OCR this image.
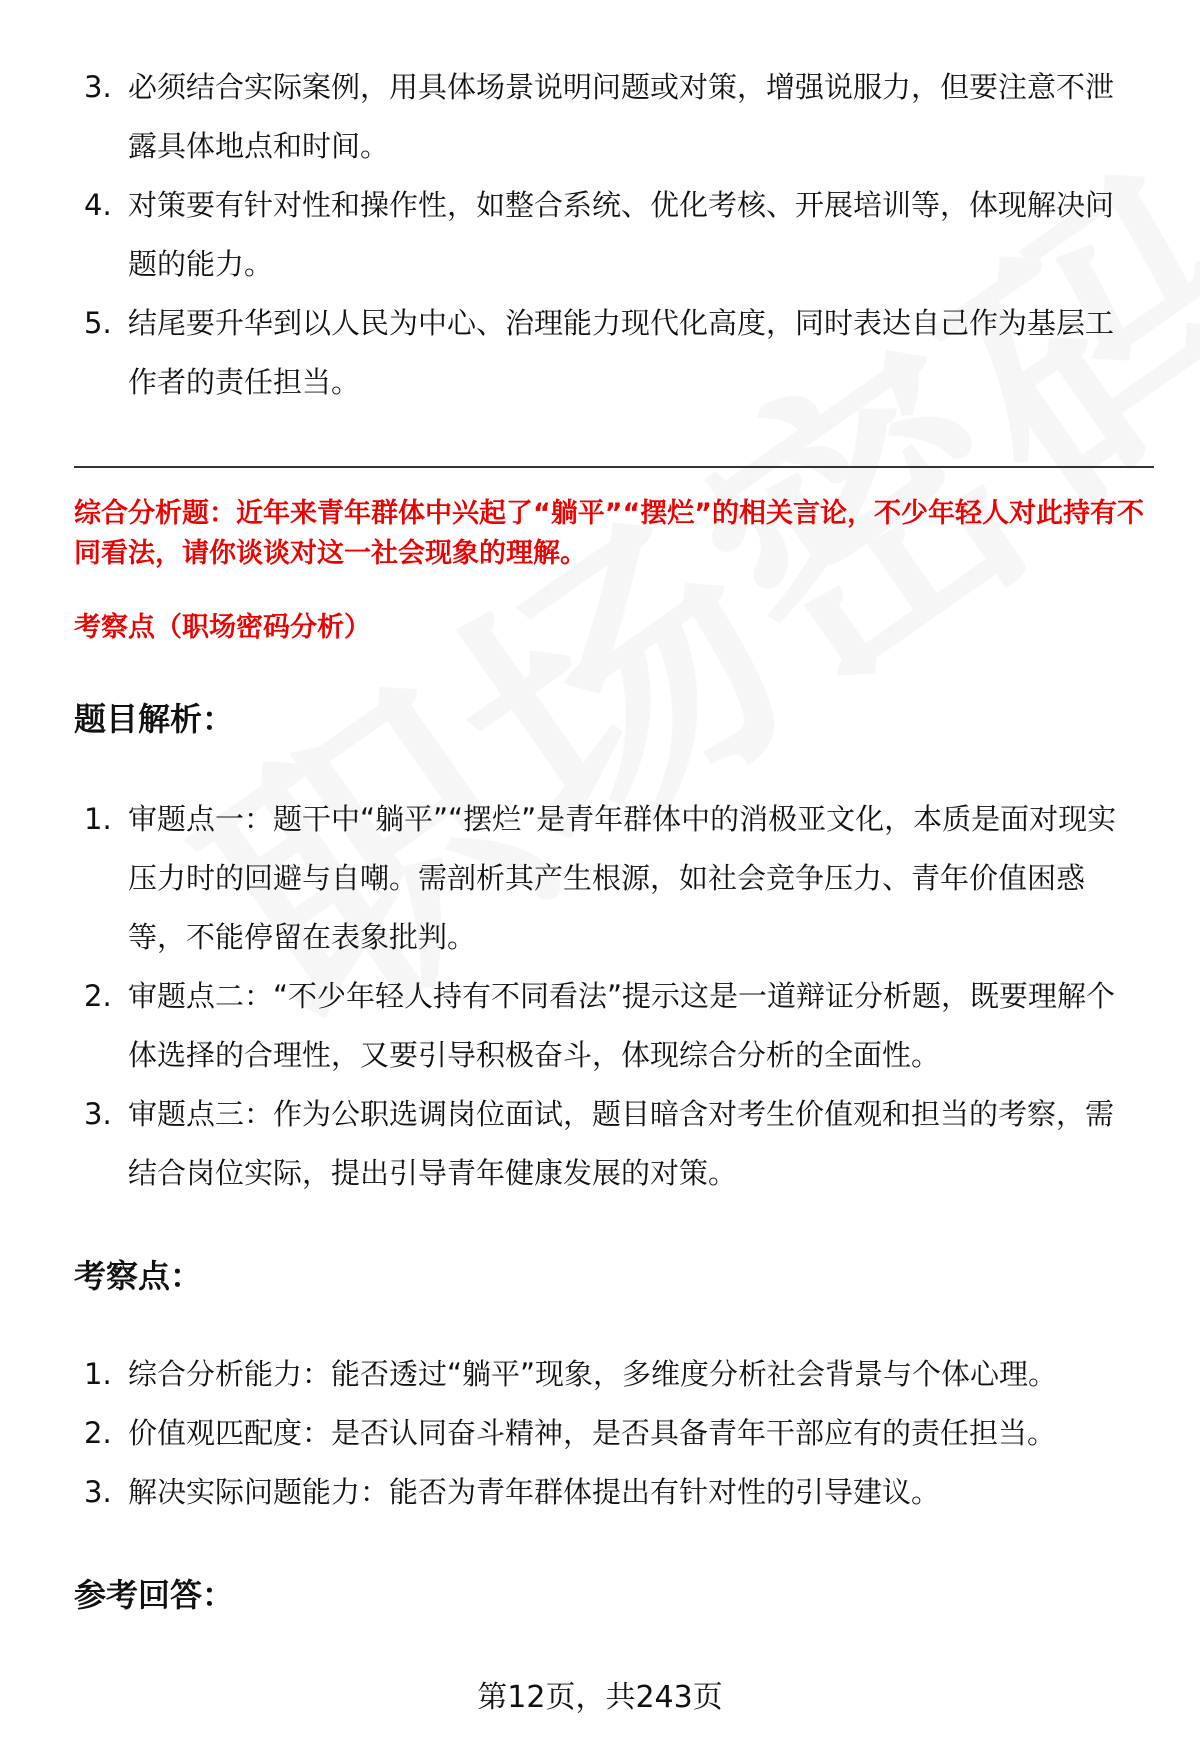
3. 必须结合实际案例，用具体场景说明问题或对策，增强说服力，但要注意不泄露具体地点和时间。
4. 对策要有针对性和操作性，如整合系统、优化考核、开展培训等，体现解决问题的能力。
5. 结尾要升华到以人民为中心、治理能力现代化高度，同时表达自己作为基层工作者的责任担当。
综合分析题：近年来青年群体中兴起了“躺平”“摆烂”的相关言论，不少年轻人对此持有不同看法，请你谈谈对这一社会现象的理解。
考察点（职场密码分析）
题目解析：
1. 审题点一：题干中“躺平”“摆烂”是青年群体中的消极亚文化，本质是面对现实压力时的回避与自嘲。需剖析其产生根源，如社会竞争压力、青年价值困惑等，不能停留在表象批判。
2. 审题点二：“不少年轻人持有不同看法”提示这是一道辩证分析题，既要理解个体选择的合理性，又要引导积极奋斗，体现综合分析的全面性。
3. 审题点三：作为公职选调岗位面试，题目暗含对考生价值观和担当的考察，需结合岗位实际，提出引导青年健康发展的对策。
考察点：
1. 综合分析能力：能否透过“躺平”现象，多维度分析社会背景与个体心理。
2. 价值观匹配度：是否认同奋斗精神，是否具备青年干部应有的责任担当。
3. 解决实际问题能力：能否为青年群体提出有针对性的引导建议。
参考回答：
第12页，共243页
